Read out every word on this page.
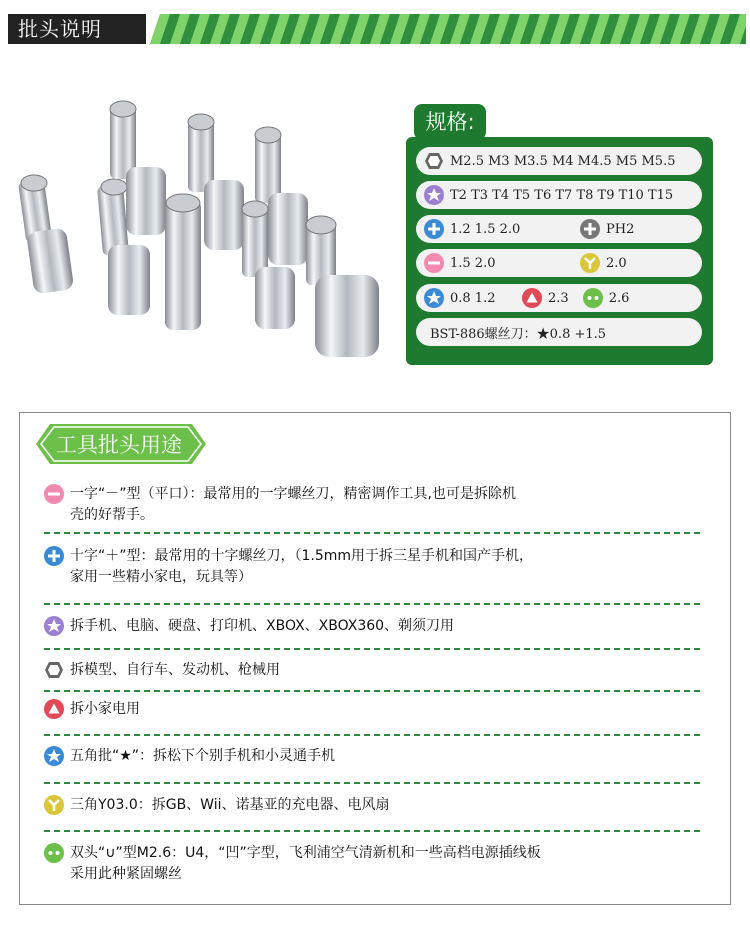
批头说明
M2.5 M3 M3.5 M4 M4.5 M5 M5.5
T2 T3 T4 T5 T6 T7 T8 T9 T10 T15
1.2 1.5 2.0	PH2
1.5 2.0	2.0
0.8 1.2	2.3	2.6
BST-886螺丝刀：★0.8 +1.5
规格:
工具批头用途
一字“－”型（平口）：最常用的一字螺丝刀，精密调作工具,也可是拆除机
壳的好帮手。
十字“＋”型：最常用的十字螺丝刀，（1.5mm用于拆三星手机和国产手机，
家用一些精小家电，玩具等）
拆手机、电脑、硬盘、打印机、XBOX、XBOX360、剃须刀用
拆模型、自行车、发动机、枪械用
拆小家电用
五角批“★”：拆松下个别手机和小灵通手机
三角Y03.0：拆GB、Wii、诺基亚的充电器、电风扇
双头“∪”型M2.6：U4，“凹”字型，飞利浦空气清新机和一些高档电源插线板
采用此种紧固螺丝
